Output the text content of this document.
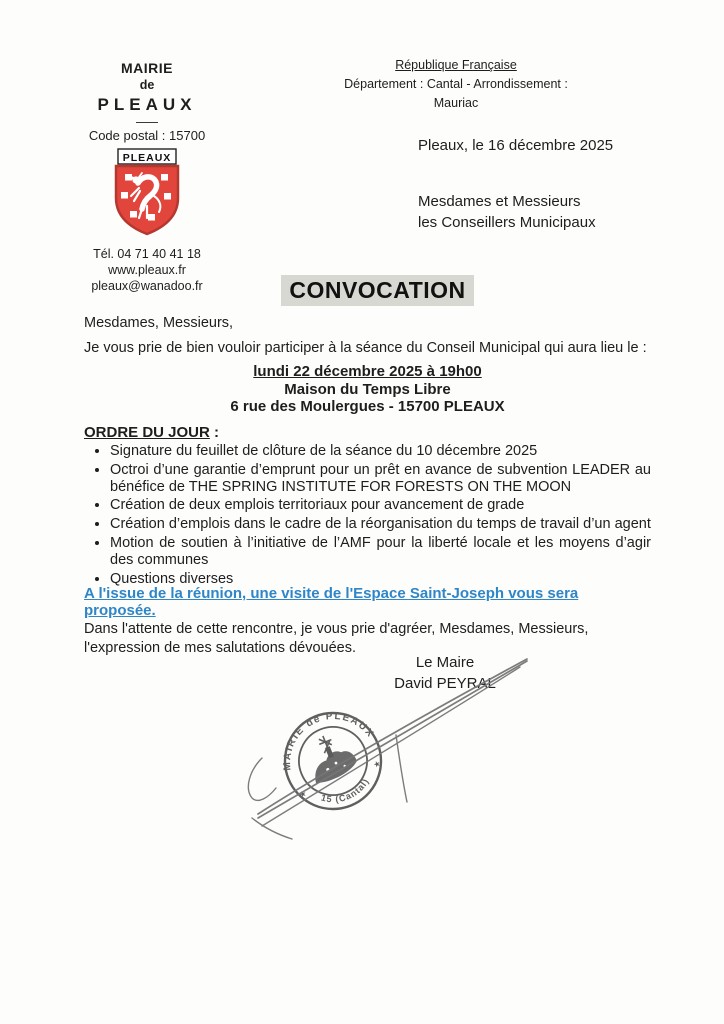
MAIRIE
de
PLEAUX
Code postal : 15700
PLEAUX
Tél. 04 71 40 41 18
www.pleaux.fr
pleaux@wanadoo.fr
République Française
Département : Cantal - Arrondissement : Mauriac
Pleaux, le 16 décembre 2025
Mesdames et Messieurs
les Conseillers Municipaux
CONVOCATION
Mesdames, Messieurs,
Je vous prie de bien vouloir participer à la séance du Conseil Municipal qui aura lieu le :
lundi 22 décembre 2025 à 19h00
Maison du Temps Libre
6 rue des Moulergues - 15700 PLEAUX
ORDRE DU JOUR :
• Signature du feuillet de clôture de la séance du 10 décembre 2025
• Octroi d’une garantie d’emprunt pour un prêt en avance de subvention LEADER au bénéfice de THE SPRING INSTITUTE FOR FORESTS ON THE MOON
• Création de deux emplois territoriaux pour avancement de grade
• Création d’emplois dans le cadre de la réorganisation du temps de travail d’un agent
• Motion de soutien à l’initiative de l’AMF pour la liberté locale et les moyens d’agir des communes
• Questions diverses
A l'issue de la réunion, une visite de l'Espace Saint-Joseph vous sera proposée.
Dans l'attente de cette rencontre, je vous prie d'agréer, Mesdames, Messieurs, l'expression de mes salutations dévouées.
Le Maire
David PEYRAL
MAIRIE de PLEAUX
15 (Cantal)
★
★
